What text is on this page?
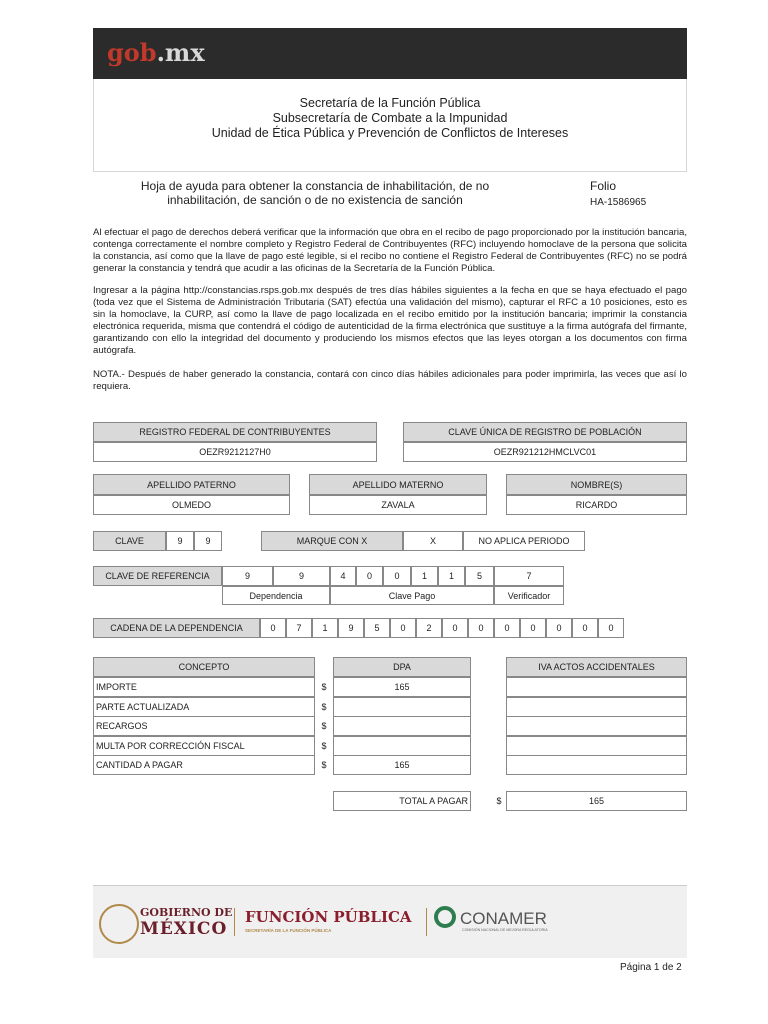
gob.mx
Secretaría de la Función Pública
Subsecretaría de Combate a la Impunidad
Unidad de Ética Pública y Prevención de Conflictos de Intereses
Hoja de ayuda para obtener la constancia de inhabilitación, de no
inhabilitación, de sanción o de no existencia de sanción
Folio
HA-1586965
Al efectuar el pago de derechos deberá verificar que la información que obra en el recibo de pago proporcionado por la institución bancaria, contenga correctamente el nombre completo y Registro Federal de Contribuyentes (RFC) incluyendo homoclave de la persona que solicita la constancia, así como que la llave de pago esté legible, si el recibo no contiene el Registro Federal de Contribuyentes (RFC) no se podrá generar la constancia y tendrá que acudir a las oficinas de la Secretaría de la Función Pública.
Ingresar a la página http://constancias.rsps.gob.mx después de tres días hábiles siguientes a la fecha en que se haya efectuado el pago (toda vez que el Sistema de Administración Tributaria (SAT) efectúa una validación del mismo), capturar el RFC a 10 posiciones, esto es sin la homoclave, la CURP, así como la llave de pago localizada en el recibo emitido por la institución bancaria; imprimir la constancia electrónica requerida, misma que contendrá el código de autenticidad de la firma electrónica que sustituye a la firma autógrafa del firmante, garantizando con ello la integridad del documento y produciendo los mismos efectos que las leyes otorgan a los documentos con firma autógrafa.
NOTA.- Después de haber generado la constancia, contará con cinco días hábiles adicionales para poder imprimirla, las veces que así lo requiera.
REGISTRO FEDERAL DE CONTRIBUYENTES
OEZR9212127H0
CLAVE ÚNICA DE REGISTRO DE POBLACIÓN
OEZR921212HMCLVC01
APELLIDO PATERNO
OLMEDO
APELLIDO MATERNO
ZAVALA
NOMBRE(S)
RICARDO
CLAVE	9	9	MARQUE CON X	X	NO APLICA PERIODO
CLAVE DE REFERENCIA	9	9	4	0	0	1	1	5	7
Dependencia	Clave Pago	Verificador
CADENA DE LA DEPENDENCIA	0	7	1	9	5	0	2	0	0	0	0	0	0	0
CONCEPTO	DPA	IVA ACTOS ACCIDENTALES
IMPORTE	$	165
PARTE ACTUALIZADA	$
RECARGOS	$
MULTA POR CORRECCIÓN FISCAL	$
CANTIDAD A PAGAR	$	165
TOTAL A PAGAR	$	165
GOBIERNO DE
MÉXICO
FUNCIÓN PÚBLICA
SECRETARÍA DE LA FUNCIÓN PÚBLICA
CONAMER
COMISIÓN NACIONAL DE MEJORA REGULATORIA
Página 1 de 2
